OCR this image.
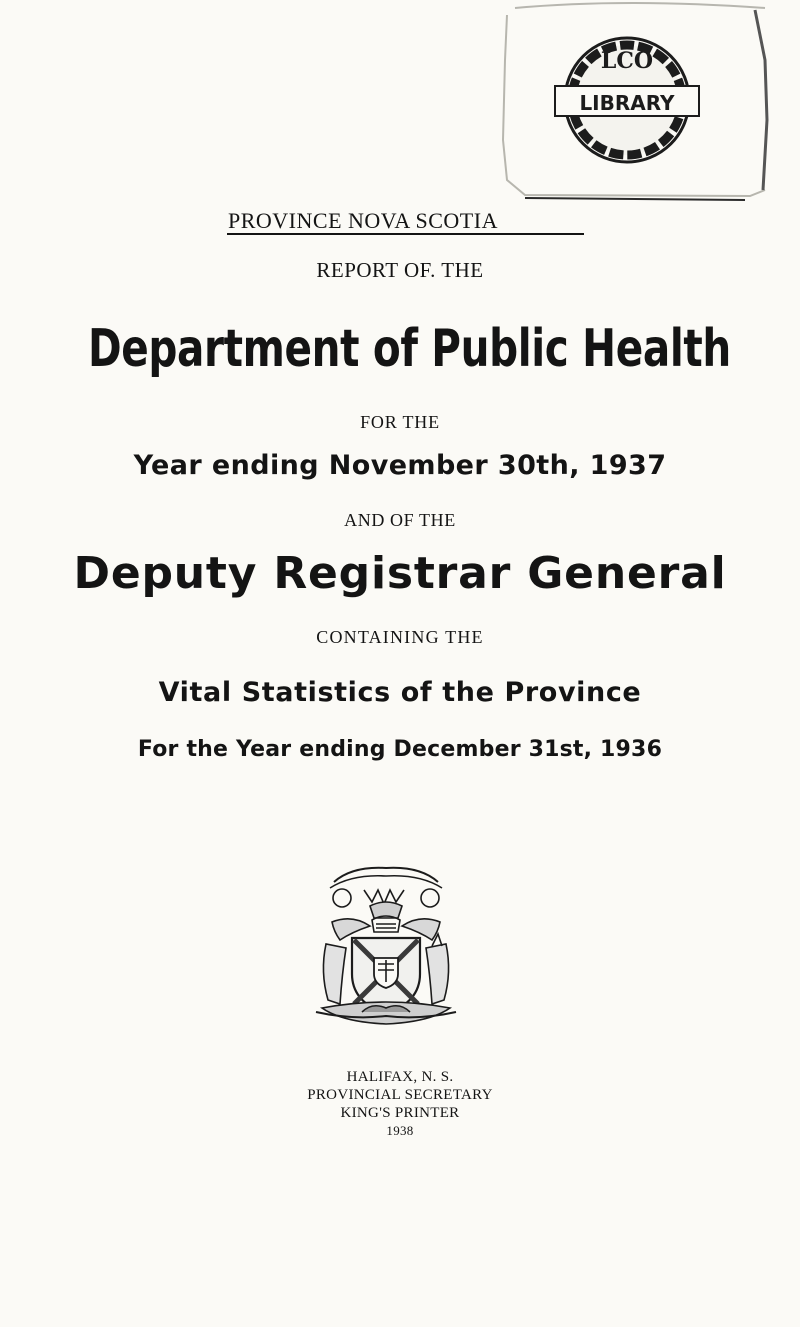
LIBRARY
LCO
PROVINCE NOVA SCOTIA
REPORT OF. THE
Department of Public Health
FOR THE
Year ending November 30th, 1937
AND OF THE
Deputy Registrar General
CONTAINING THE
Vital Statistics of the Province
For the Year ending December 31st, 1936
HALIFAX, N. S.
PROVINCIAL SECRETARY
KING'S PRINTER
1938
